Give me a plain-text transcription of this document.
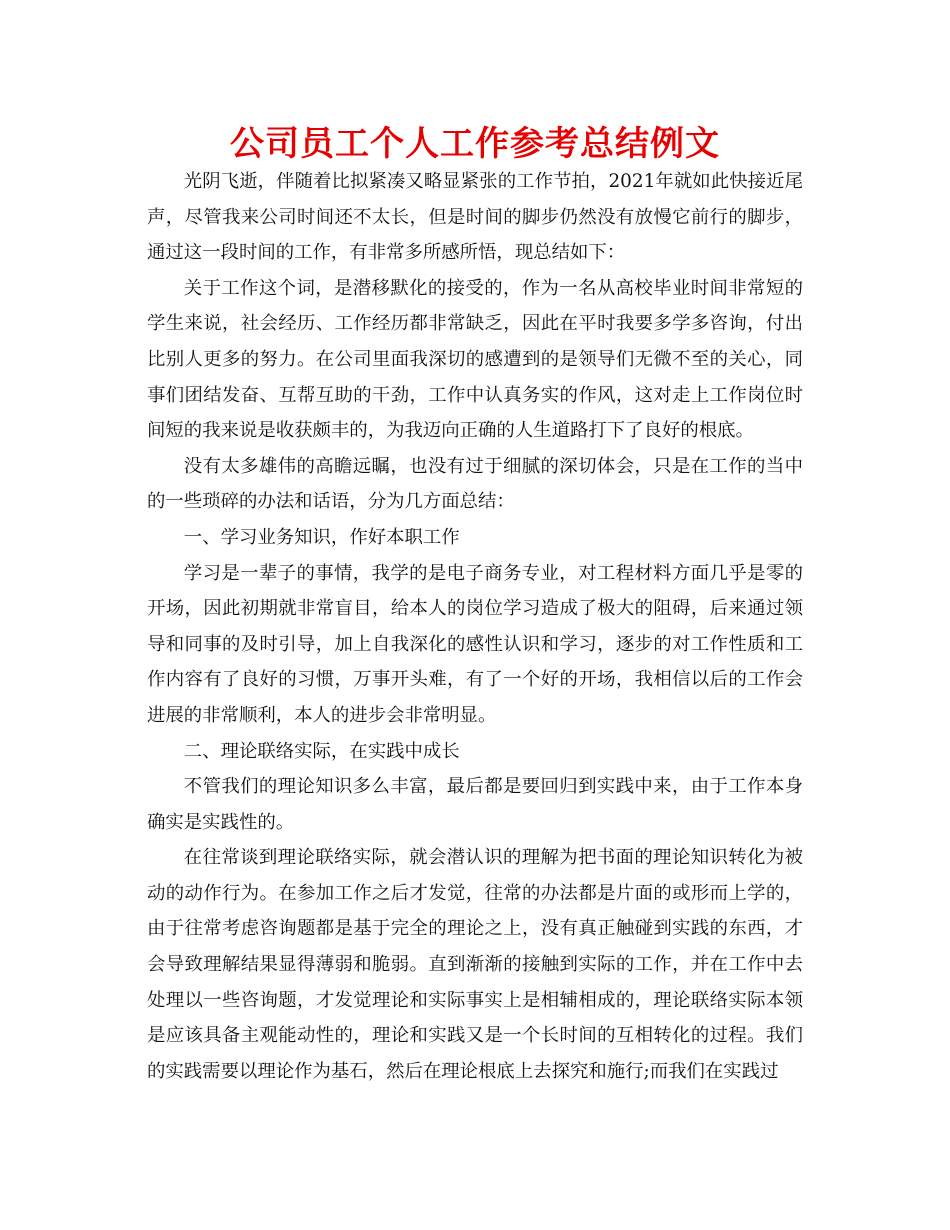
公司员工个人工作参考总结例文

光阴飞逝，伴随着比拟紧凑又略显紧张的工作节拍，2021年就如此快接近尾声，尽管我来公司时间还不太长，但是时间的脚步仍然没有放慢它前行的脚步，通过这一段时间的工作，有非常多所感所悟，现总结如下：

关于工作这个词，是潜移默化的接受的，作为一名从高校毕业时间非常短的学生来说，社会经历、工作经历都非常缺乏，因此在平时我要多学多咨询，付出比别人更多的努力。在公司里面我深切的感遭到的是领导们无微不至的关心，同事们团结发奋、互帮互助的干劲，工作中认真务实的作风，这对走上工作岗位时间短的我来说是收获颇丰的，为我迈向正确的人生道路打下了良好的根底。

没有太多雄伟的高瞻远瞩，也没有过于细腻的深切体会，只是在工作的当中的一些琐碎的办法和话语，分为几方面总结：

一、学习业务知识，作好本职工作

学习是一辈子的事情，我学的是电子商务专业，对工程材料方面几乎是零的开场，因此初期就非常盲目，给本人的岗位学习造成了极大的阻碍，后来通过领导和同事的及时引导，加上自我深化的感性认识和学习，逐步的对工作性质和工作内容有了良好的习惯，万事开头难，有了一个好的开场，我相信以后的工作会进展的非常顺利，本人的进步会非常明显。

二、理论联络实际，在实践中成长

不管我们的理论知识多么丰富，最后都是要回归到实践中来，由于工作本身确实是实践性的。

在往常谈到理论联络实际，就会潜认识的理解为把书面的理论知识转化为被动的动作行为。在参加工作之后才发觉，往常的办法都是片面的或形而上学的，由于往常考虑咨询题都是基于完全的理论之上，没有真正触碰到实践的东西，才会导致理解结果显得薄弱和脆弱。直到渐渐的接触到实际的工作，并在工作中去处理以一些咨询题，才发觉理论和实际事实上是相辅相成的，理论联络实际本领是应该具备主观能动性的，理论和实践又是一个长时间的互相转化的过程。我们的实践需要以理论作为基石，然后在理论根底上去探究和施行;而我们在实践过
